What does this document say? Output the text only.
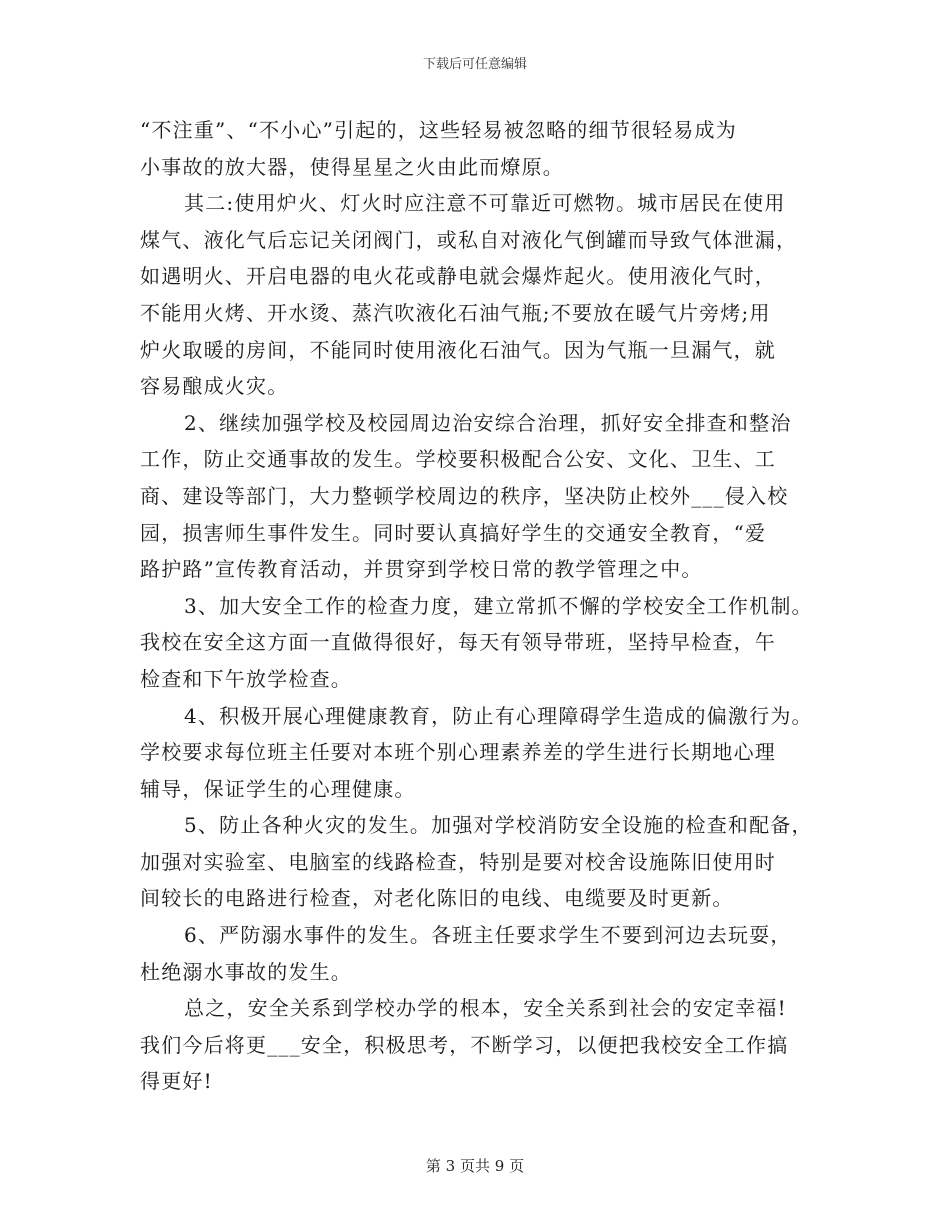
下载后可任意编辑
“不注重”、“不小心”引起的，这些轻易被忽略的细节很轻易成为
小事故的放大器，使得星星之火由此而燎原。
其二:使用炉火、灯火时应注意不可靠近可燃物。城市居民在使用
煤气、液化气后忘记关闭阀门，或私自对液化气倒罐而导致气体泄漏，
如遇明火、开启电器的电火花或静电就会爆炸起火。使用液化气时，
不能用火烤、开水烫、蒸汽吹液化石油气瓶;不要放在暖气片旁烤;用
炉火取暖的房间，不能同时使用液化石油气。因为气瓶一旦漏气，就
容易酿成火灾。
2、继续加强学校及校园周边治安综合治理，抓好安全排查和整治
工作，防止交通事故的发生。学校要积极配合公安、文化、卫生、工
商、建设等部门，大力整顿学校周边的秩序，坚决防止校外___侵入校
园，损害师生事件发生。同时要认真搞好学生的交通安全教育，“爱
路护路”宣传教育活动，并贯穿到学校日常的教学管理之中。
3、加大安全工作的检查力度，建立常抓不懈的学校安全工作机制。
我校在安全这方面一直做得很好，每天有领导带班，坚持早检查，午
检查和下午放学检查。
4、积极开展心理健康教育，防止有心理障碍学生造成的偏激行为。
学校要求每位班主任要对本班个别心理素养差的学生进行长期地心理
辅导，保证学生的心理健康。
5、防止各种火灾的发生。加强对学校消防安全设施的检查和配备，
加强对实验室、电脑室的线路检查，特别是要对校舍设施陈旧使用时
间较长的电路进行检查，对老化陈旧的电线、电缆要及时更新。
6、严防溺水事件的发生。各班主任要求学生不要到河边去玩耍，
杜绝溺水事故的发生。
总之，安全关系到学校办学的根本，安全关系到社会的安定幸福!
我们今后将更___安全，积极思考，不断学习，以便把我校安全工作搞
得更好!
第 3 页共 9 页
